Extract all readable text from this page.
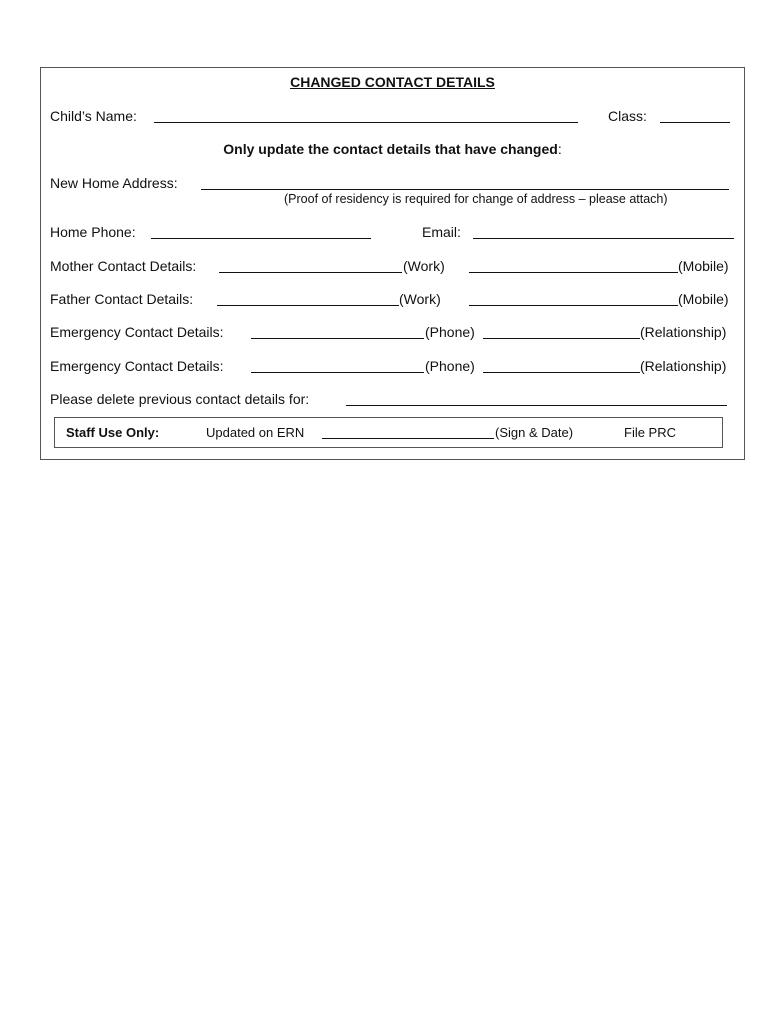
CHANGED CONTACT DETAILS
Child’s Name:	Class:
Only update the contact details that have changed:
New Home Address:
(Proof of residency is required for change of address – please attach)
Home Phone:	Email:
Mother Contact Details:	(Work)	(Mobile)
Father Contact Details:	(Work)	(Mobile)
Emergency Contact Details:	(Phone)	(Relationship)
Emergency Contact Details:	(Phone)	(Relationship)
Please delete previous contact details for:
Staff Use Only:	Updated on ERN	(Sign & Date)	File PRC
